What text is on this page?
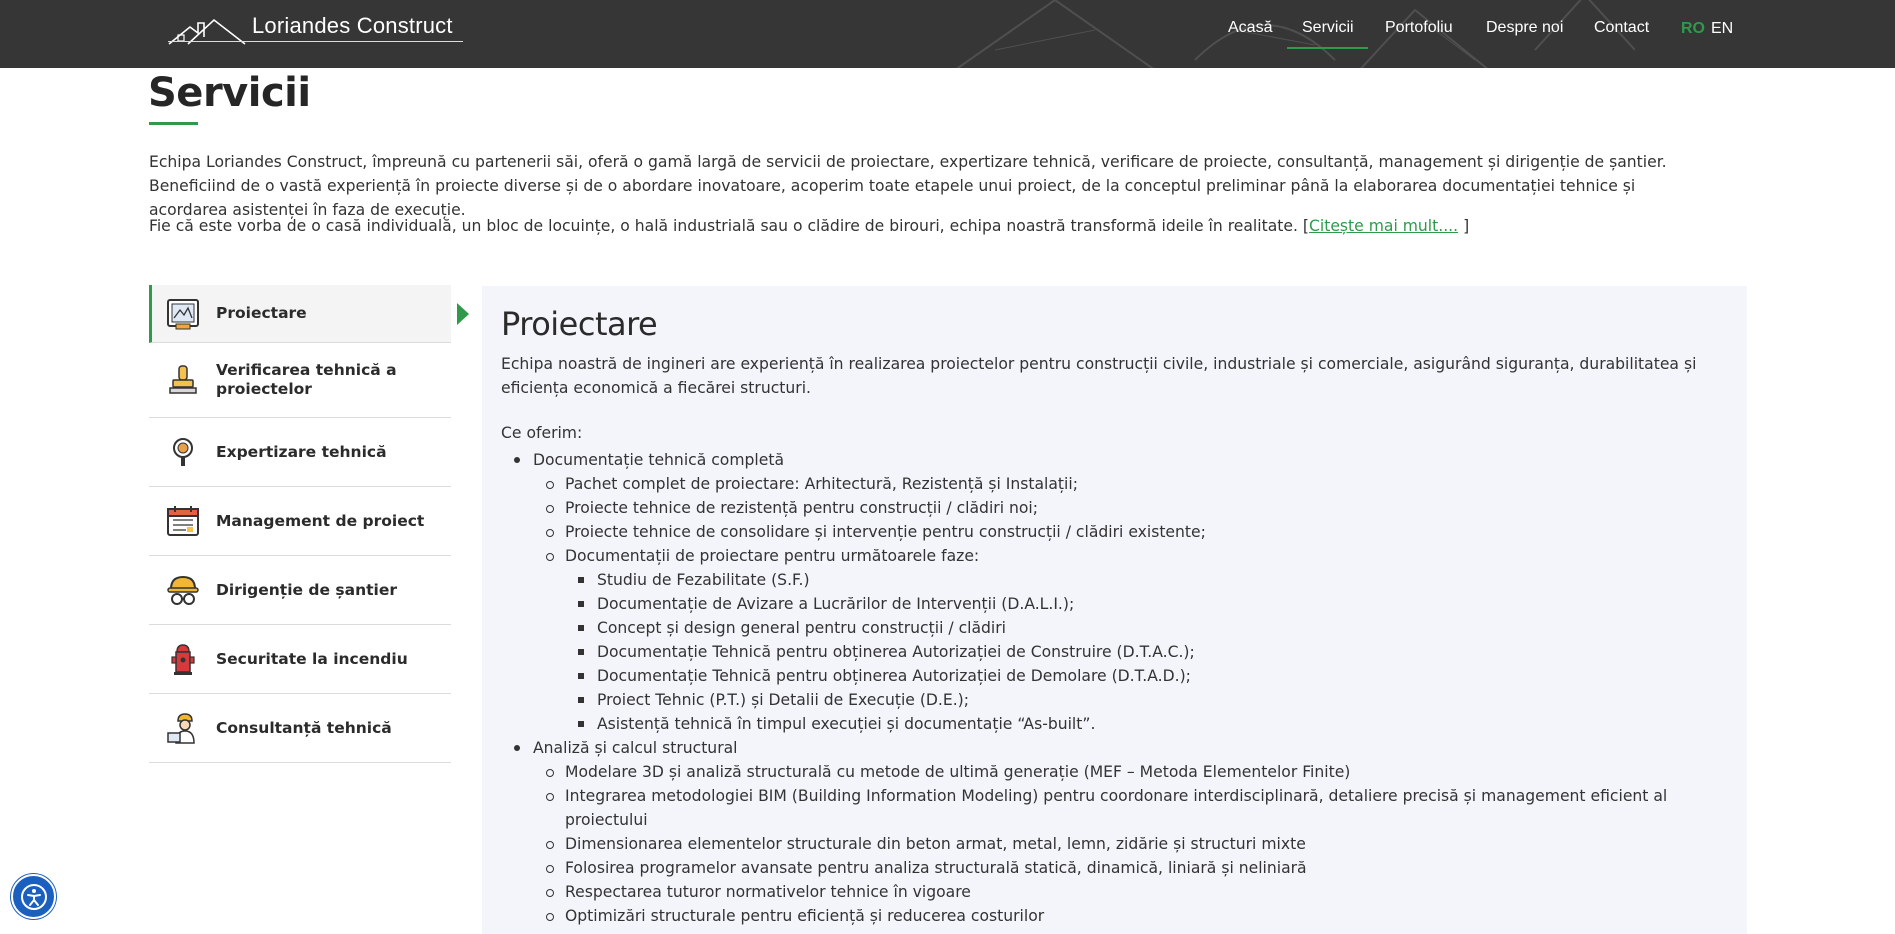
Loriandes Construct	Acasă Servicii Portofoliu Despre noi Contact RO EN
Servicii

Echipa Loriandes Construct, împreună cu partenerii săi, oferă o gamă largă de servicii de proiectare, expertizare tehnică, verificare de proiecte, consultanță, management și dirigenție de șantier. Beneficiind de o vastă experiență în proiecte diverse și de o abordare inovatoare, acoperim toate etapele unui proiect, de la conceptul preliminar până la elaborarea documentației tehnice și acordarea asistenței în faza de execuție.

Fie că este vorba de o casă individuală, un bloc de locuințe, o hală industrială sau o clădire de birouri, echipa noastră transformă ideile în realitate. [Citește mai mult.... ]

Proiectare
Verificarea tehnică a proiectelor
Expertizare tehnică
Management de proiect
Dirigenție de șantier
Securitate la incendiu
Consultanță tehnică
Proiectare

Echipa noastră de ingineri are experiență în realizarea proiectelor pentru construcții civile, industriale și comerciale, asigurând siguranța, durabilitatea și eficiența economică a fiecărei structuri.

Ce oferim:

Documentație tehnică completă
Pachet complet de proiectare: Arhitectură, Rezistență și Instalații;
Proiecte tehnice de rezistență pentru construcții / clădiri noi;
Proiecte tehnice de consolidare și intervenție pentru construcții / clădiri existente;
Documentații de proiectare pentru următoarele faze:
Studiu de Fezabilitate (S.F.)
Documentație de Avizare a Lucrărilor de Intervenții (D.A.L.I.);
Concept și design general pentru construcții / clădiri
Documentație Tehnică pentru obținerea Autorizației de Construire (D.T.A.C.);
Documentație Tehnică pentru obținerea Autorizației de Demolare (D.T.A.D.);
Proiect Tehnic (P.T.) și Detalii de Execuție (D.E.);
Asistență tehnică în timpul execuției și documentație “As-built”.
Analiză și calcul structural
Modelare 3D și analiză structurală cu metode de ultimă generație (MEF – Metoda Elementelor Finite)
Integrarea metodologiei BIM (Building Information Modeling) pentru coordonare interdisciplinară, detaliere precisă și management eficient al proiectului
Dimensionarea elementelor structurale din beton armat, metal, lemn, zidărie și structuri mixte
Folosirea programelor avansate pentru analiza structurală statică, dinamică, liniară și neliniară
Respectarea tuturor normativelor tehnice în vigoare
Optimizări structurale pentru eficiență și reducerea costurilor
